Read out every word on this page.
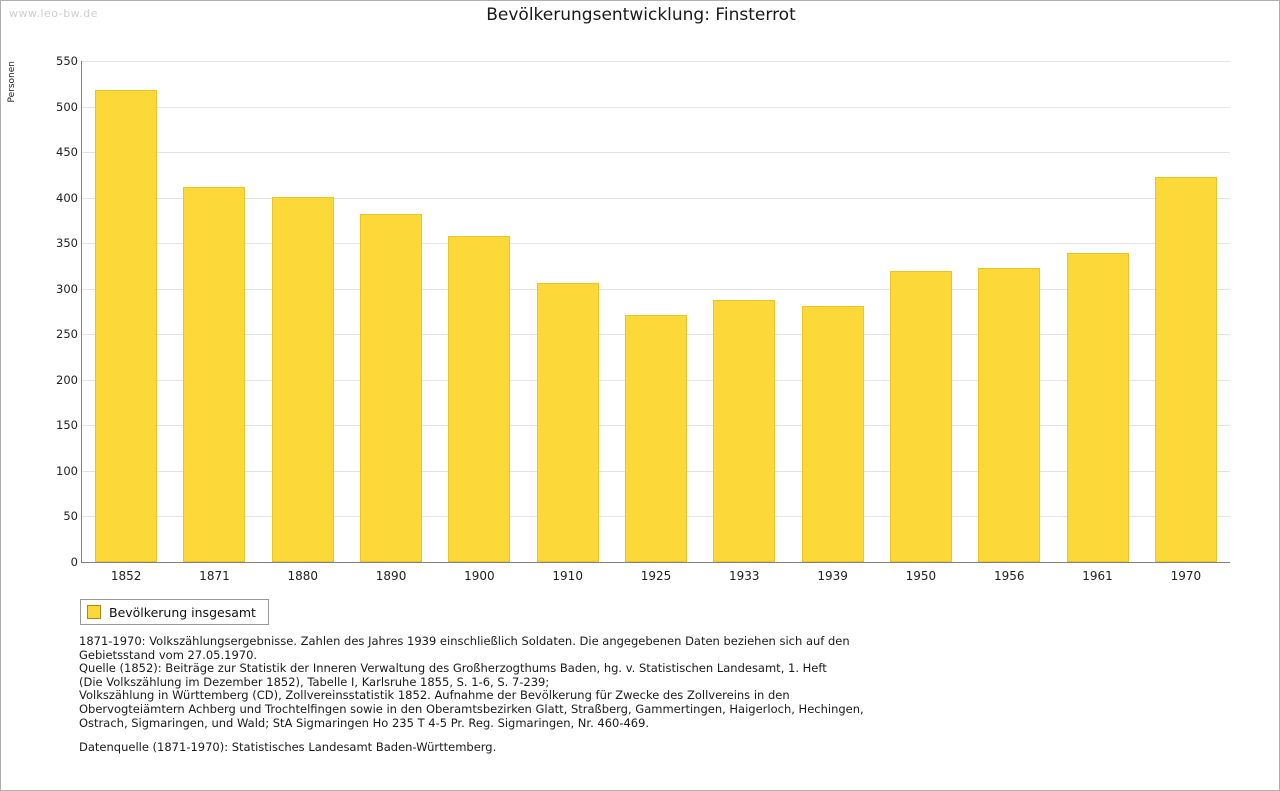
www.leo-bw.de	Bevölkerungsentwicklung: Finsterrot
Personen
0
50
100
150
200
250
300
350
400
450
500
550
1852	1871	1880	1890	1900	1910	1925	1933	1939	1950	1956	1961	1970
Bevölkerung insgesamt
1871-1970: Volkszählungsergebnisse. Zahlen des Jahres 1939 einschließlich Soldaten. Die angegebenen Daten beziehen sich auf den
Gebietsstand vom 27.05.1970.
Quelle (1852): Beiträge zur Statistik der Inneren Verwaltung des Großherzogthums Baden, hg. v. Statistischen Landesamt, 1. Heft
(Die Volkszählung im Dezember 1852), Tabelle I, Karlsruhe 1855, S. 1-6, S. 7-239;
Volkszählung in Württemberg (CD), Zollvereinsstatistik 1852. Aufnahme der Bevölkerung für Zwecke des Zollvereins in den
Obervogteiämtern Achberg und Trochtelfingen sowie in den Oberamtsbezirken Glatt, Straßberg, Gammertingen, Haigerloch, Hechingen,
Ostrach, Sigmaringen, und Wald; StA Sigmaringen Ho 235 T 4-5 Pr. Reg. Sigmaringen, Nr. 460-469.
Datenquelle (1871-1970): Statistisches Landesamt Baden-Württemberg.
